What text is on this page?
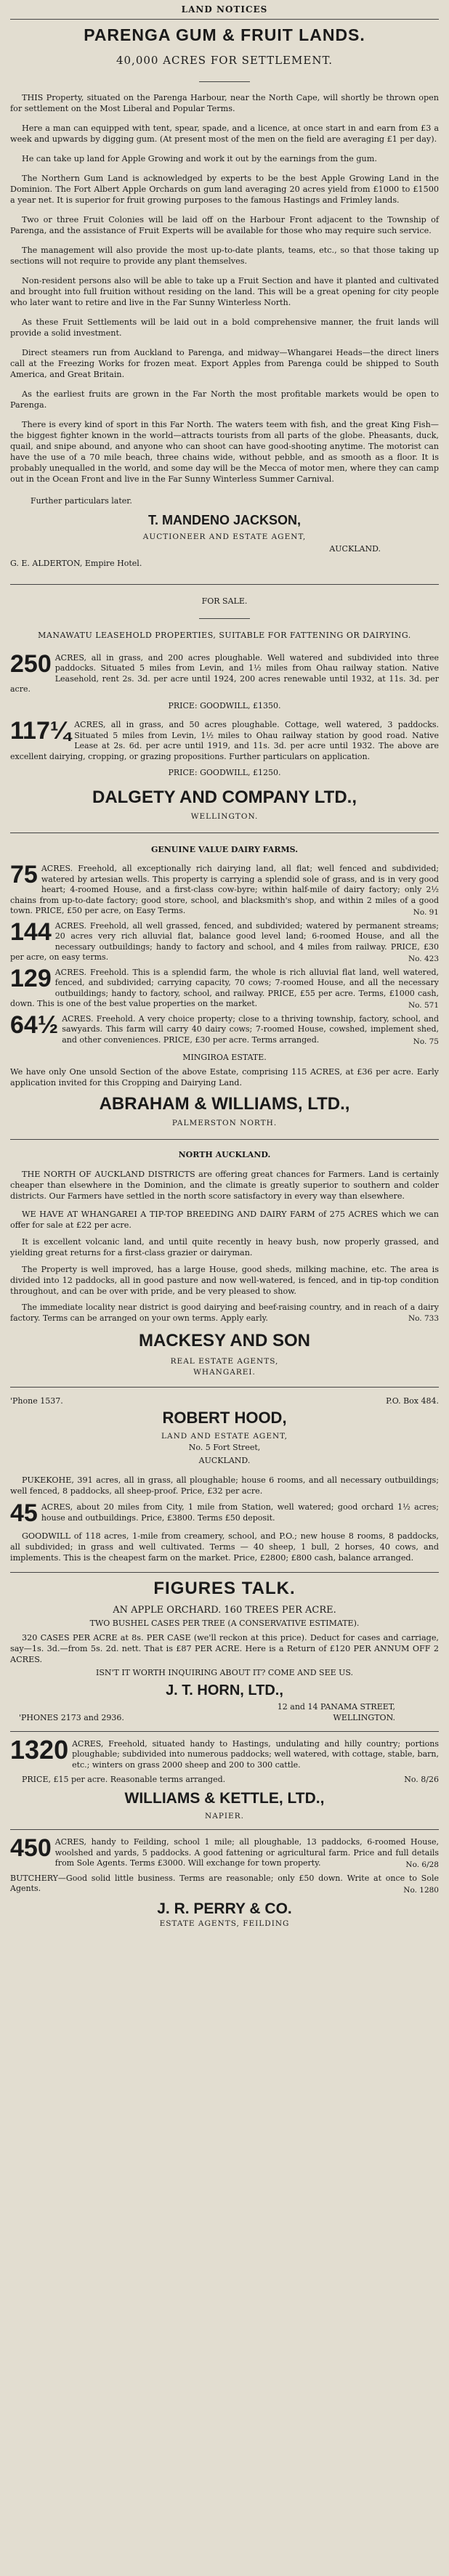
LAND NOTICES
PARENGA GUM & FRUIT LANDS.
40,000 ACRES FOR SETTLEMENT.

THIS Property, situated on the Parenga Harbour, near the North Cape, will shortly be thrown open for settlement on the Most Liberal and Popular Terms.

Here a man can equipped with tent, spear, spade, and a licence, at once start in and earn from £3 a week and upwards by digging gum. (At present most of the men on the field are averaging £1 per day).

He can take up land for Apple Growing and work it out by the earnings from the gum.

The Northern Gum Land is acknowledged by experts to be the best Apple Growing Land in the Dominion. The Fort Albert Apple Orchards on gum land averaging 20 acres yield from £1000 to £1500 a year net. It is superior for fruit growing purposes to the famous Hastings and Frimley lands.

Two or three Fruit Colonies will be laid off on the Harbour Front adjacent to the Township of Parenga, and the assistance of Fruit Experts will be available for those who may require such service.

The management will also provide the most up-to-date plants, teams, etc., so that those taking up sections will not require to provide any plant themselves.

Non-resident persons also will be able to take up a Fruit Section and have it planted and cultivated and brought into full fruition without residing on the land. This will be a great opening for city people who later want to retire and live in the Far Sunny Winterless North.

As these Fruit Settlements will be laid out in a bold comprehensive manner, the fruit lands will provide a solid investment.

Direct steamers run from Auckland to Parenga, and midway—Whangarei Heads—the direct liners call at the Freezing Works for frozen meat. Export Apples from Parenga could be shipped to South America, and Great Britain.

As the earliest fruits are grown in the Far North the most profitable markets would be open to Parenga.

There is every kind of sport in this Far North. The waters teem with fish, and the great King Fish—the biggest fighter known in the world—attracts tourists from all parts of the globe. Pheasants, duck, quail, and snipe abound, and anyone who can shoot can have good-shooting anytime. The motorist can have the use of a 70 mile beach, three chains wide, without pebble, and as smooth as a floor. It is probably unequalled in the world, and some day will be the Mecca of motor men, where they can camp out in the Ocean Front and live in the Far Sunny Winterless Summer Carnival.

Further particulars later.
T. MANDENO JACKSON,
AUCTIONEER AND ESTATE AGENT,
AUCKLAND.
G. E. ALDERTON, Empire Hotel.
FOR SALE.
MANAWATU LEASEHOLD PROPERTIES, SUITABLE FOR FATTENING OR DAIRYING.
250 ACRES, all in grass, and 200 acres ploughable. Well watered and subdivided into three paddocks. Situated 5 miles from Levin, and 1½ miles from Ohau railway station. Native Leasehold, rent 2s. 3d. per acre until 1924, 200 acres renewable until 1932, at 11s. 3d. per acre.
PRICE: GOODWILL, £1350.
117¼ ACRES, all in grass, and 50 acres ploughable. Cottage, well watered, 3 paddocks. Situated 5 miles from Levin, 1½ miles to Ohau railway station by good road. Native Lease at 2s. 6d. per acre until 1919, and 11s. 3d. per acre until 1932. The above are excellent dairying, cropping, or grazing propositions. Further particulars on application.
PRICE: GOODWILL, £1250.
DALGETY AND COMPANY LTD.,
WELLINGTON.
GENUINE VALUE DAIRY FARMS.
75 ACRES. Freehold, all exceptionally rich dairying land, all flat; well fenced and subdivided; watered by artesian wells. This property is carrying a splendid sole of grass, and is in very good heart; 4-roomed House, and a first-class cow-byre; within half-mile of dairy factory; only 2½ chains from up-to-date factory; good store, school, and blacksmith's shop, and within 2 miles of a good town. PRICE, £50 per acre, on Easy Terms.	No. 91
144 ACRES. Freehold, all well grassed, fenced, and subdivided; watered by permanent streams; 20 acres very rich alluvial flat, balance good level land; 6-roomed House, and all the necessary outbuildings; handy to factory and school, and 4 miles from railway. PRICE, £30 per acre, on easy terms.	No. 423
129 ACRES. Freehold. This is a splendid farm, the whole is rich alluvial flat land, well watered, fenced, and subdivided; carrying capacity, 70 cows; 7-roomed House, and all the necessary outbuildings; handy to factory, school, and railway. PRICE, £55 per acre. Terms, £1000 cash, down. This is one of the best value properties on the market.	No. 571
64½ ACRES. Freehold. A very choice property; close to a thriving township, factory, school, and sawyards. This farm will carry 40 dairy cows; 7-roomed House, cowshed, implement shed, and other conveniences. PRICE, £30 per acre. Terms arranged.	No. 75
MINGIROA ESTATE.

We have only One unsold Section of the above Estate, comprising 115 ACRES, at £36 per acre. Early application invited for this Cropping and Dairying Land.

ABRAHAM & WILLIAMS, LTD.,
PALMERSTON NORTH.
NORTH AUCKLAND.

THE NORTH OF AUCKLAND DISTRICTS are offering great chances for Farmers. Land is certainly cheaper than elsewhere in the Dominion, and the climate is greatly superior to southern and colder districts. Our Farmers have settled in the north score satisfactory in every way than elsewhere.

WE HAVE AT WHANGAREI A TIP-TOP BREEDING AND DAIRY FARM of 275 ACRES which we can offer for sale at £22 per acre.

It is excellent volcanic land, and until quite recently in heavy bush, now properly grassed, and yielding great returns for a first-class grazier or dairyman.

The Property is well improved, has a large House, good sheds, milking machine, etc. The area is divided into 12 paddocks, all in good pasture and now well-watered, is fenced, and in tip-top condition throughout, and can be over with pride, and be very pleased to show.

The immediate locality near district is good dairying and beef-raising country, and in reach of a dairy factory. Terms can be arranged on your own terms. Apply early.	No. 733
MACKESY AND SON
REAL ESTATE AGENTS,
WHANGAREI.
'Phone 1537.	P.O. Box 484.
ROBERT HOOD,
LAND AND ESTATE AGENT,
No. 5 Fort Street,
AUCKLAND.

PUKEKOHE, 391 acres, all in grass, all ploughable; house 6 rooms, and all necessary outbuildings; well fenced, 8 paddocks, all sheep-proof. Price, £32 per acre.

45 ACRES, about 20 miles from City, 1 mile from Station, well watered; good orchard 1½ acres; house and outbuildings. Price, £3800. Terms £50 deposit.

GOODWILL of 118 acres, 1-mile from creamery, school, and P.O.; new house 8 rooms, 8 paddocks, all subdivided; in grass and well cultivated. Terms — 40 sheep, 1 bull, 2 horses, 40 cows, and implements. This is the cheapest farm on the market. Price, £2800; £800 cash, balance arranged.

FIGURES TALK.
AN APPLE ORCHARD. 160 TREES PER ACRE.
TWO BUSHEL CASES PER TREE (A CONSERVATIVE ESTIMATE).

320 CASES PER ACRE at 8s. PER CASE (we'll reckon at this price). Deduct for cases and carriage, say—1s. 3d.—from 5s. 2d. nett. That is £87 PER ACRE. Here is a Return of £120 PER ANNUM OFF 2 ACRES.

ISN'T IT WORTH INQUIRING ABOUT IT? COME AND SEE US.
J. T. HORN, LTD.,
12 and 14 PANAMA STREET,
'PHONES 2173 and 2936.	WELLINGTON.
1320 ACRES, Freehold, situated handy to Hastings, undulating and hilly country; portions ploughable; subdivided into numerous paddocks; well watered, with cottage, stable, barn, etc.; winters on grass 2000 sheep and 200 to 300 cattle.
PRICE, £15 per acre. Reasonable terms arranged.	No. 8/26
WILLIAMS & KETTLE, LTD.,
NAPIER.
450 ACRES, handy to Feilding, school 1 mile; all ploughable, 13 paddocks, 6-roomed House, woolshed and yards, 5 paddocks. A good fattening or agricultural farm. Price and full details from Sole Agents. Terms £3000. Will exchange for town property.	No. 6/28
BUTCHERY—Good solid little business. Terms are reasonable; only £50 down. Write at once to Sole Agents.	No. 1280
J. R. PERRY & CO.
ESTATE AGENTS, FEILDING
